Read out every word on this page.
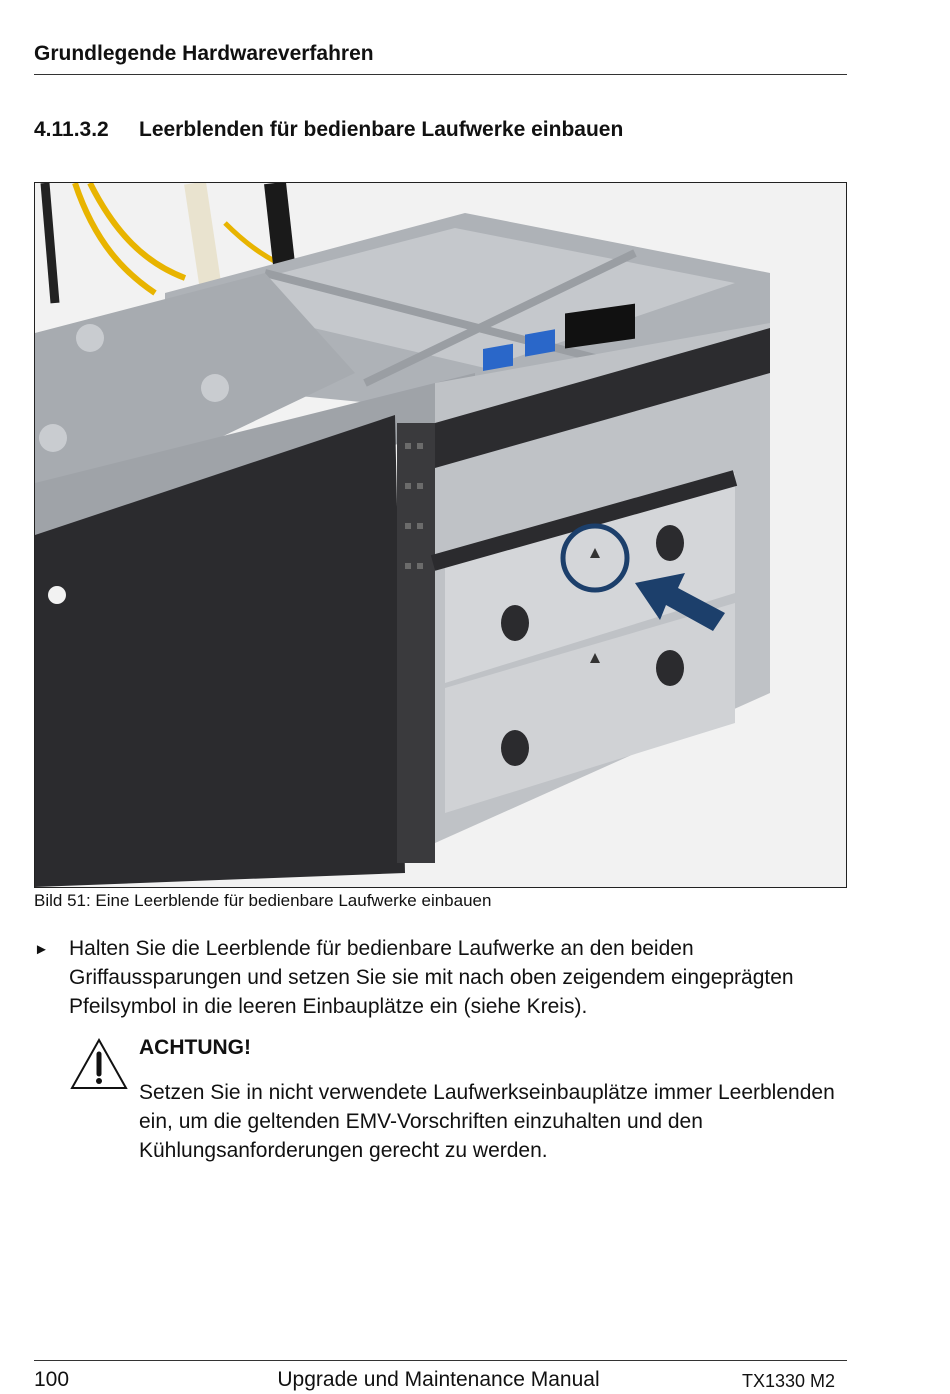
Grundlegende Hardwareverfahren
4.11.3.2 Leerblenden für bedienbare Laufwerke einbauen
Bild 51: Eine Leerblende für bedienbare Laufwerke einbauen
► Halten Sie die Leerblende für bedienbare Laufwerke an den beiden Griffaussparungen und setzen Sie sie mit nach oben zeigendem eingeprägten Pfeilsymbol in die leeren Einbauplätze ein (siehe Kreis).
ACHTUNG!
Setzen Sie in nicht verwendete Laufwerkseinbauplätze immer Leerblenden ein, um die geltenden EMV-Vorschriften einzuhalten und den Kühlungsanforderungen gerecht zu werden.
100	Upgrade und Maintenance Manual	TX1330 M2
